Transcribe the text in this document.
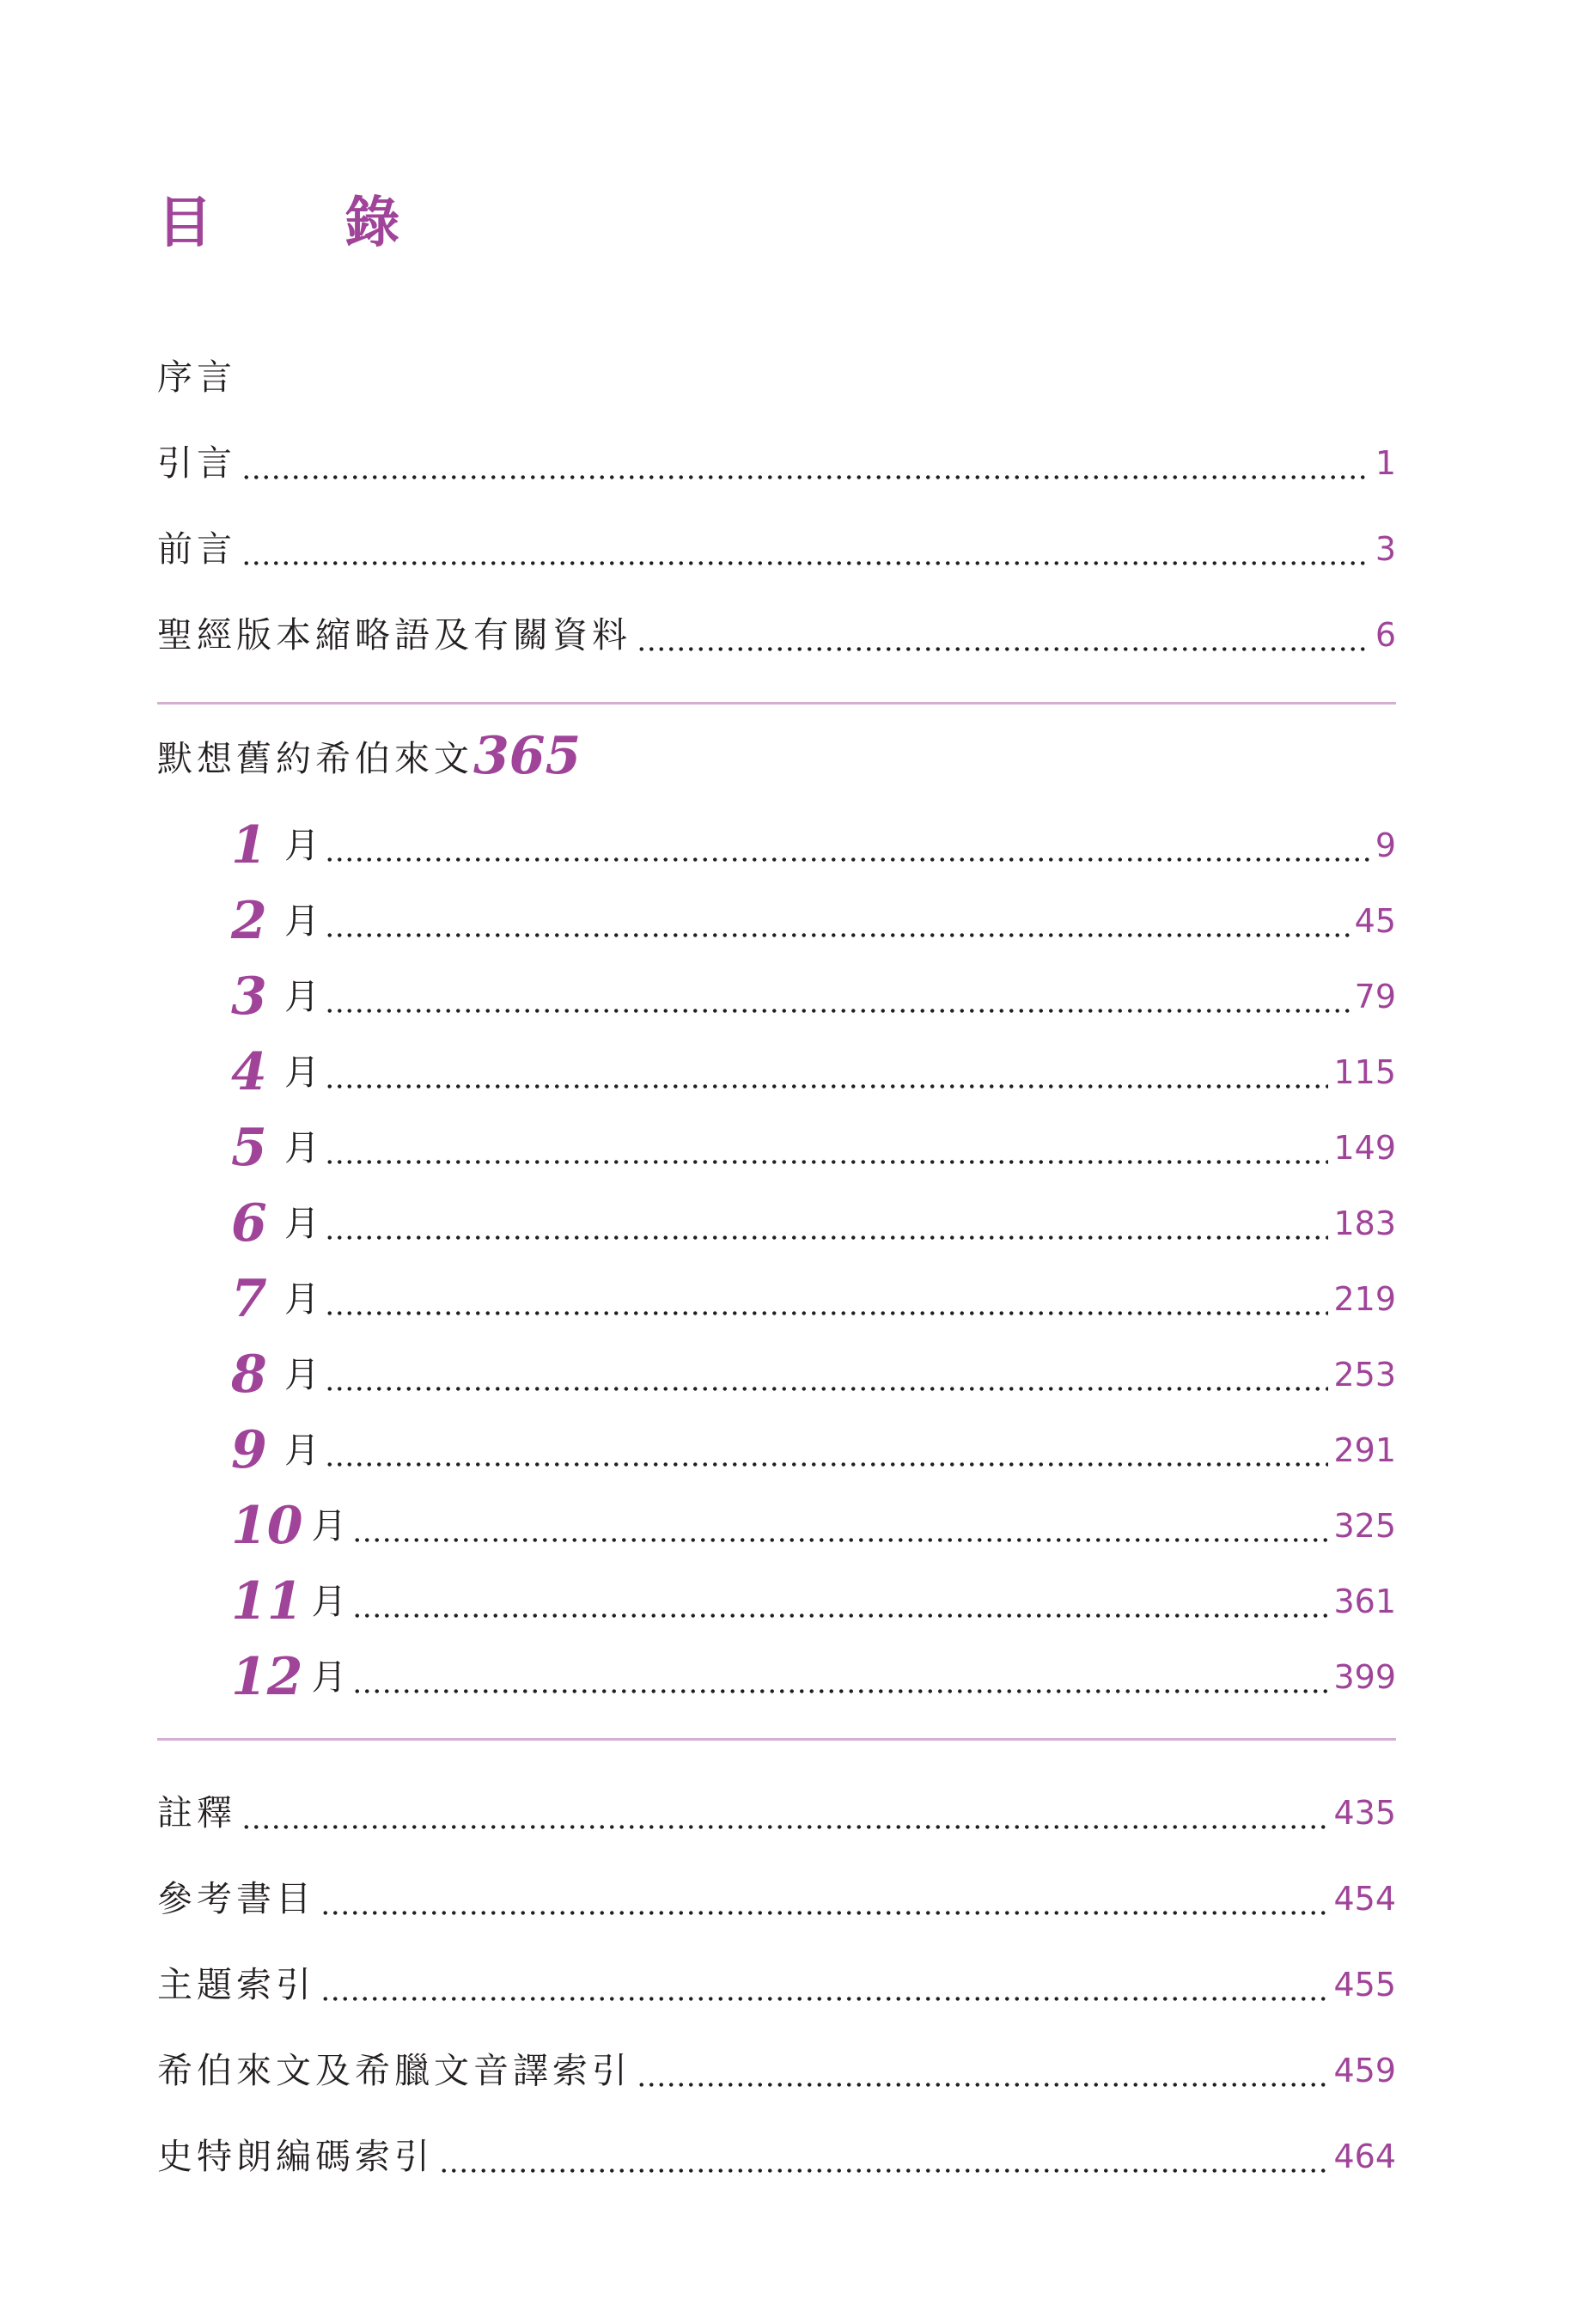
目 錄
序言
引言	1
前言	3
聖經版本縮略語及有關資料	6
默想舊約希伯來文365
1 月	9
2 月	45
3 月	79
4 月	115
5 月	149
6 月	183
7 月	219
8 月	253
9 月	291
10 月	325
11 月	361
12 月	399
註釋	435
參考書目	454
主題索引	455
希伯來文及希臘文音譯索引	459
史特朗編碼索引	464
